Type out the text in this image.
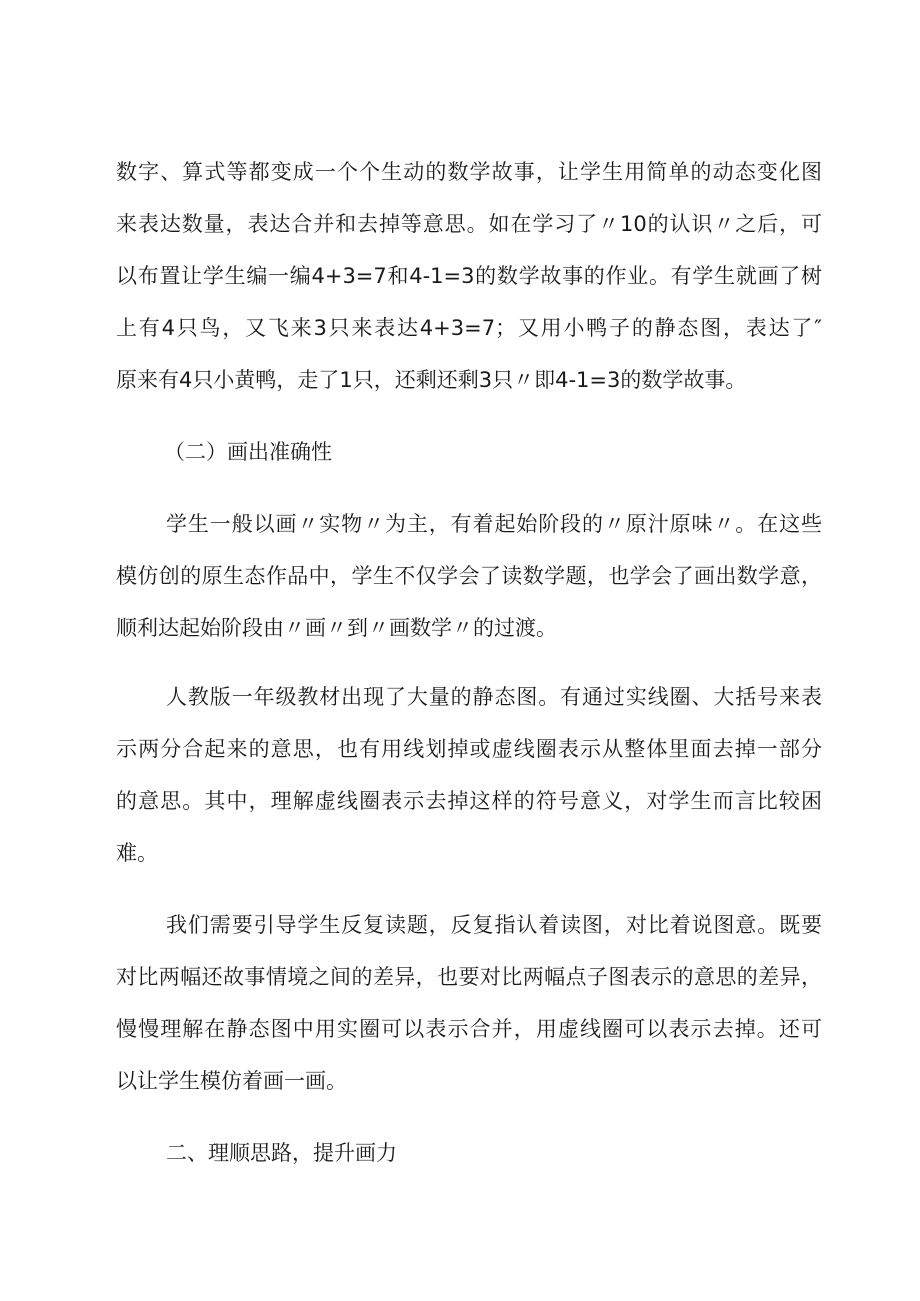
数字、算式等都变成一个个生动的数学故事，让学生用简单的动态变化图
来表达数量，表达合并和去掉等意思。如在学习了〃10的认识〃之后，可
以布置让学生编一编4+3=7和4-1=3的数学故事的作业。有学生就画了树
上有4只鸟，又飞来3只来表达4+3=7；又用小鸭子的静态图，表达了″
原来有4只小黄鸭，走了1只，还剩还剩3只〃即4-1=3的数学故事。
（二）画出准确性
学生一般以画〃实物〃为主，有着起始阶段的〃原汁原味〃。在这些
模仿创的原生态作品中，学生不仅学会了读数学题，也学会了画出数学意，
顺利达起始阶段由〃画〃到〃画数学〃的过渡。
人教版一年级教材出现了大量的静态图。有通过实线圈、大括号来表
示两分合起来的意思，也有用线划掉或虚线圈表示从整体里面去掉一部分
的意思。其中，理解虚线圈表示去掉这样的符号意义，对学生而言比较困
难。
我们需要引导学生反复读题，反复指认着读图，对比着说图意。既要
对比两幅还故事情境之间的差异，也要对比两幅点子图表示的意思的差异，
慢慢理解在静态图中用实圈可以表示合并，用虚线圈可以表示去掉。还可
以让学生模仿着画一画。
二、理顺思路，提升画力
